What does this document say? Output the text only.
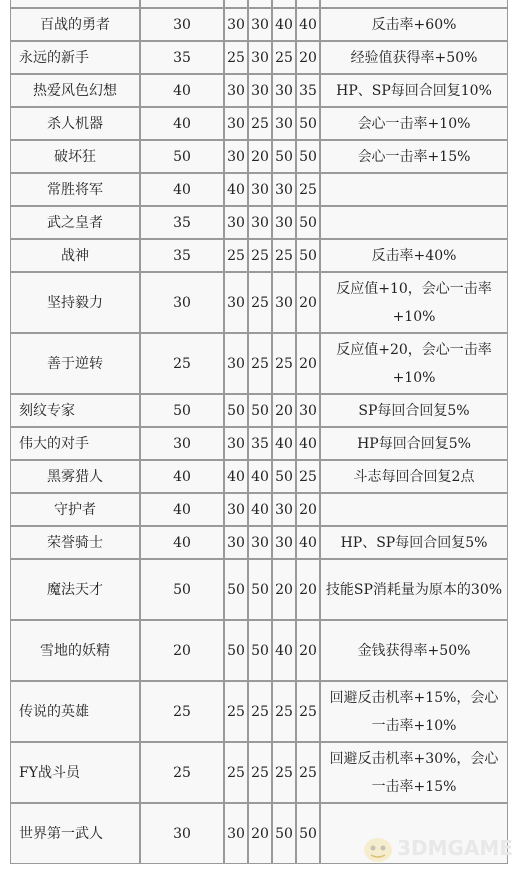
百战的勇者	30	30	30	40	40	反击率+60%
永远的新手	35	25	30	25	20	经验值获得率+50%
热爱风色幻想	40	30	30	30	35	HP、SP每回合回复10%
杀人机器	40	30	25	30	50	会心一击率+10%
破坏狂	50	30	20	50	50	会心一击率+15%
常胜将军	40	40	30	30	25	
武之皇者	35	30	30	30	50	
战神	35	25	25	25	50	反击率+40%
坚持毅力	30	30	25	30	20	反应值+10，会心一击率+10%
善于逆转	25	30	25	25	20	反应值+20，会心一击率+10%
刻纹专家	50	50	50	20	30	SP每回合回复5%
伟大的对手	30	30	35	40	40	HP每回合回复5%
黑雾猎人	40	40	40	50	25	斗志每回合回复2点
守护者	40	30	40	30	20	
荣誉骑士	40	30	30	30	40	HP、SP每回合回复5%
魔法天才	50	50	50	20	20	技能SP消耗量为原本的30%
雪地的妖精	20	50	50	40	20	金钱获得率+50%
传说的英雄	25	25	25	25	25	回避反击机率+15%，会心一击率+10%
FY战斗员	25	25	25	25	25	回避反击机率+30%，会心一击率+15%
世界第一武人	30	30	20	50	50	
3DMGAME
